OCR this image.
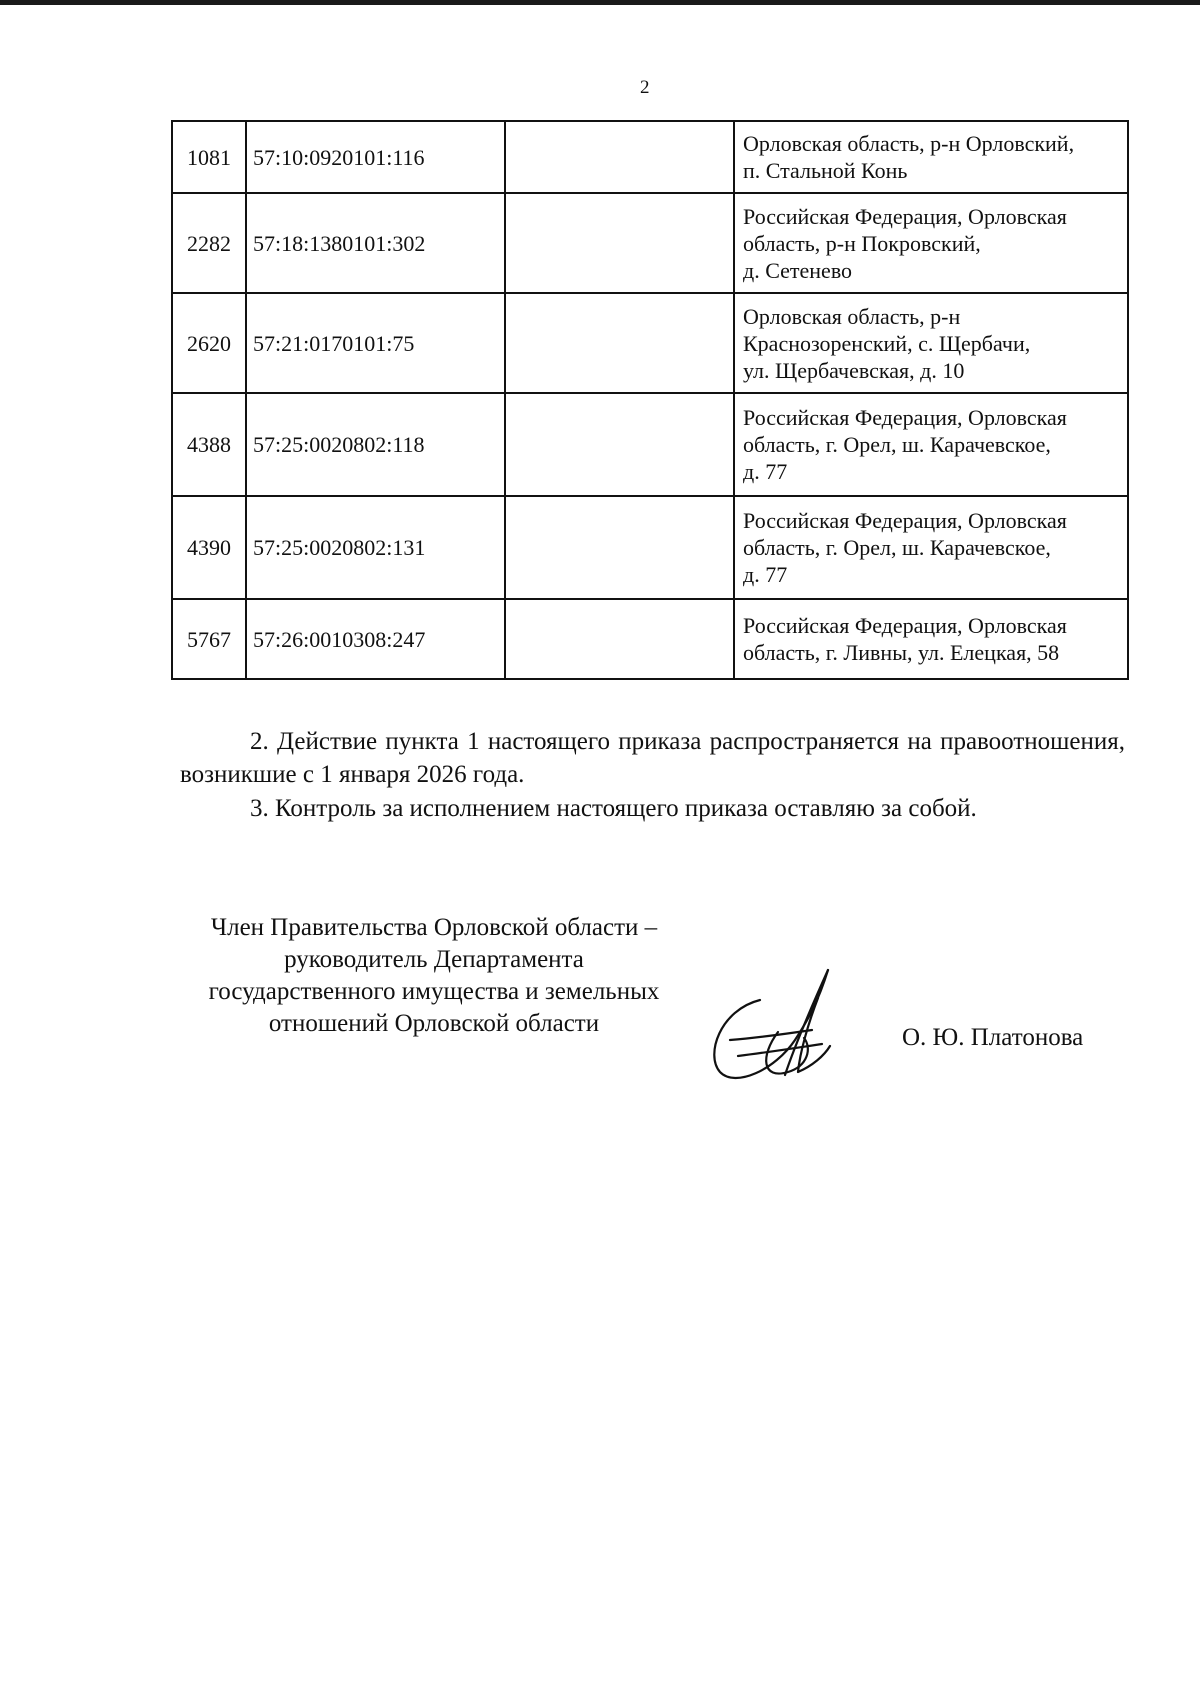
2
1081	57:10:0920101:116		Орловская область, р-н Орловский,
п. Стальной Конь

2282	57:18:1380101:302		Российская Федерация, Орловская
область, р-н Покровский,
д. Сетенево

2620	57:21:0170101:75		Орловская область, р-н
Краснозоренский, с. Щербачи,
ул. Щербачевская, д. 10

4388	57:25:0020802:118		Российская Федерация, Орловская
область, г. Орел, ш. Карачевское,
д. 77

4390	57:25:0020802:131		Российская Федерация, Орловская
область, г. Орел, ш. Карачевское,
д. 77

5767	57:26:0010308:247		Российская Федерация, Орловская
область, г. Ливны, ул. Елецкая, 58
2. Действие пункта 1 настоящего приказа распространяется на правоотношения, возникшие с 1 января 2026 года.
3. Контроль за исполнением настоящего приказа оставляю за собой.
Член Правительства Орловской области –
руководитель Департамента
государственного имущества и земельных
отношений Орловской области
О. Ю. Платонова
